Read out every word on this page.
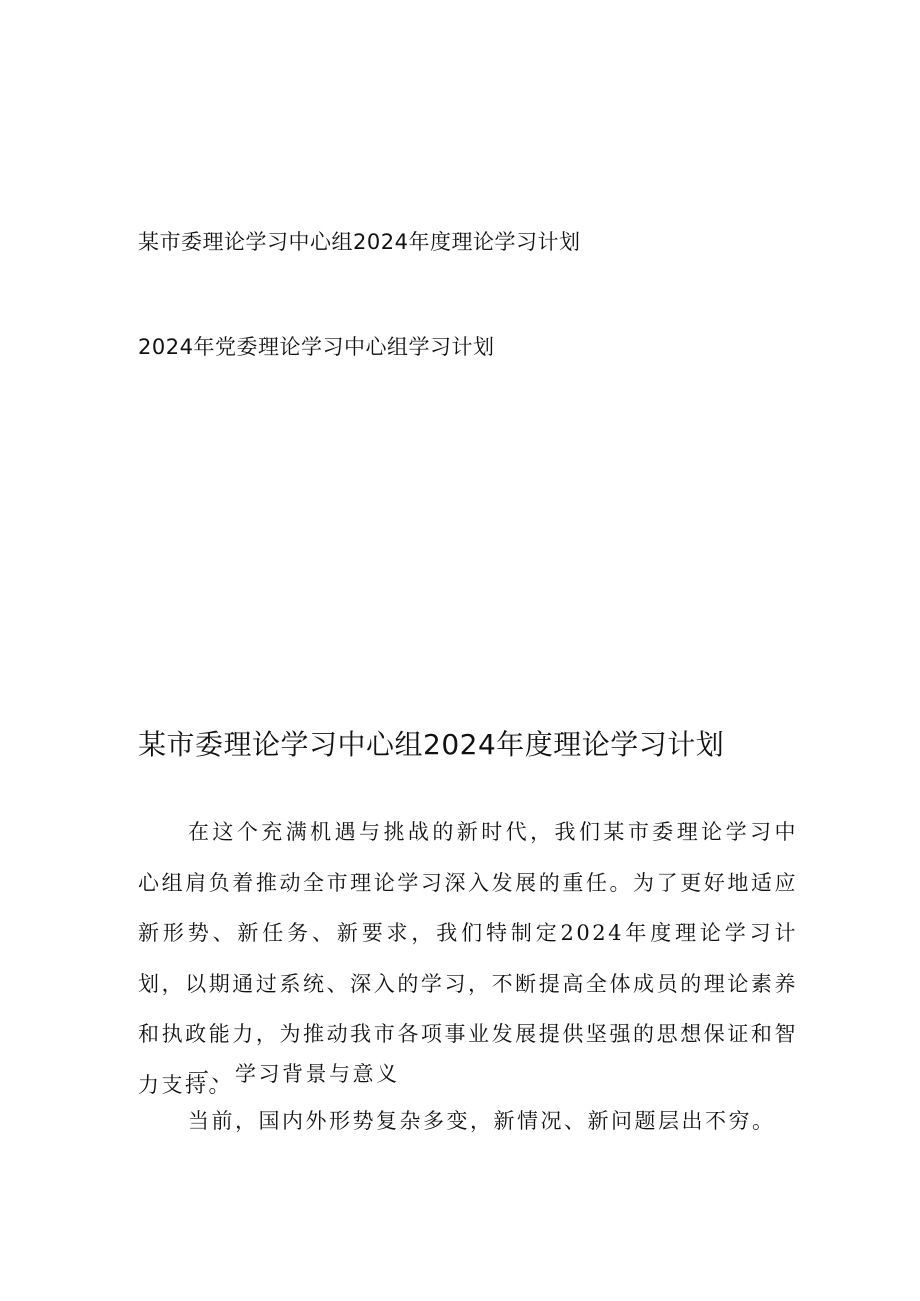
某市委理论学习中心组2024年度理论学习计划
2024年党委理论学习中心组学习计划
某市委理论学习中心组2024年度理论学习计划
在这个充满机遇与挑战的新时代，我们某市委理论学习中心组肩负着推动全市理论学习深入发展的重任。为了更好地适应新形势、新任务、新要求，我们特制定2024年度理论学习计划，以期通过系统、深入的学习，不断提高全体成员的理论素养和执政能力，为推动我市各项事业发展提供坚强的思想保证和智力支持。
一、学习背景与意义
当前，国内外形势复杂多变，新情况、新问题层出不穷。
